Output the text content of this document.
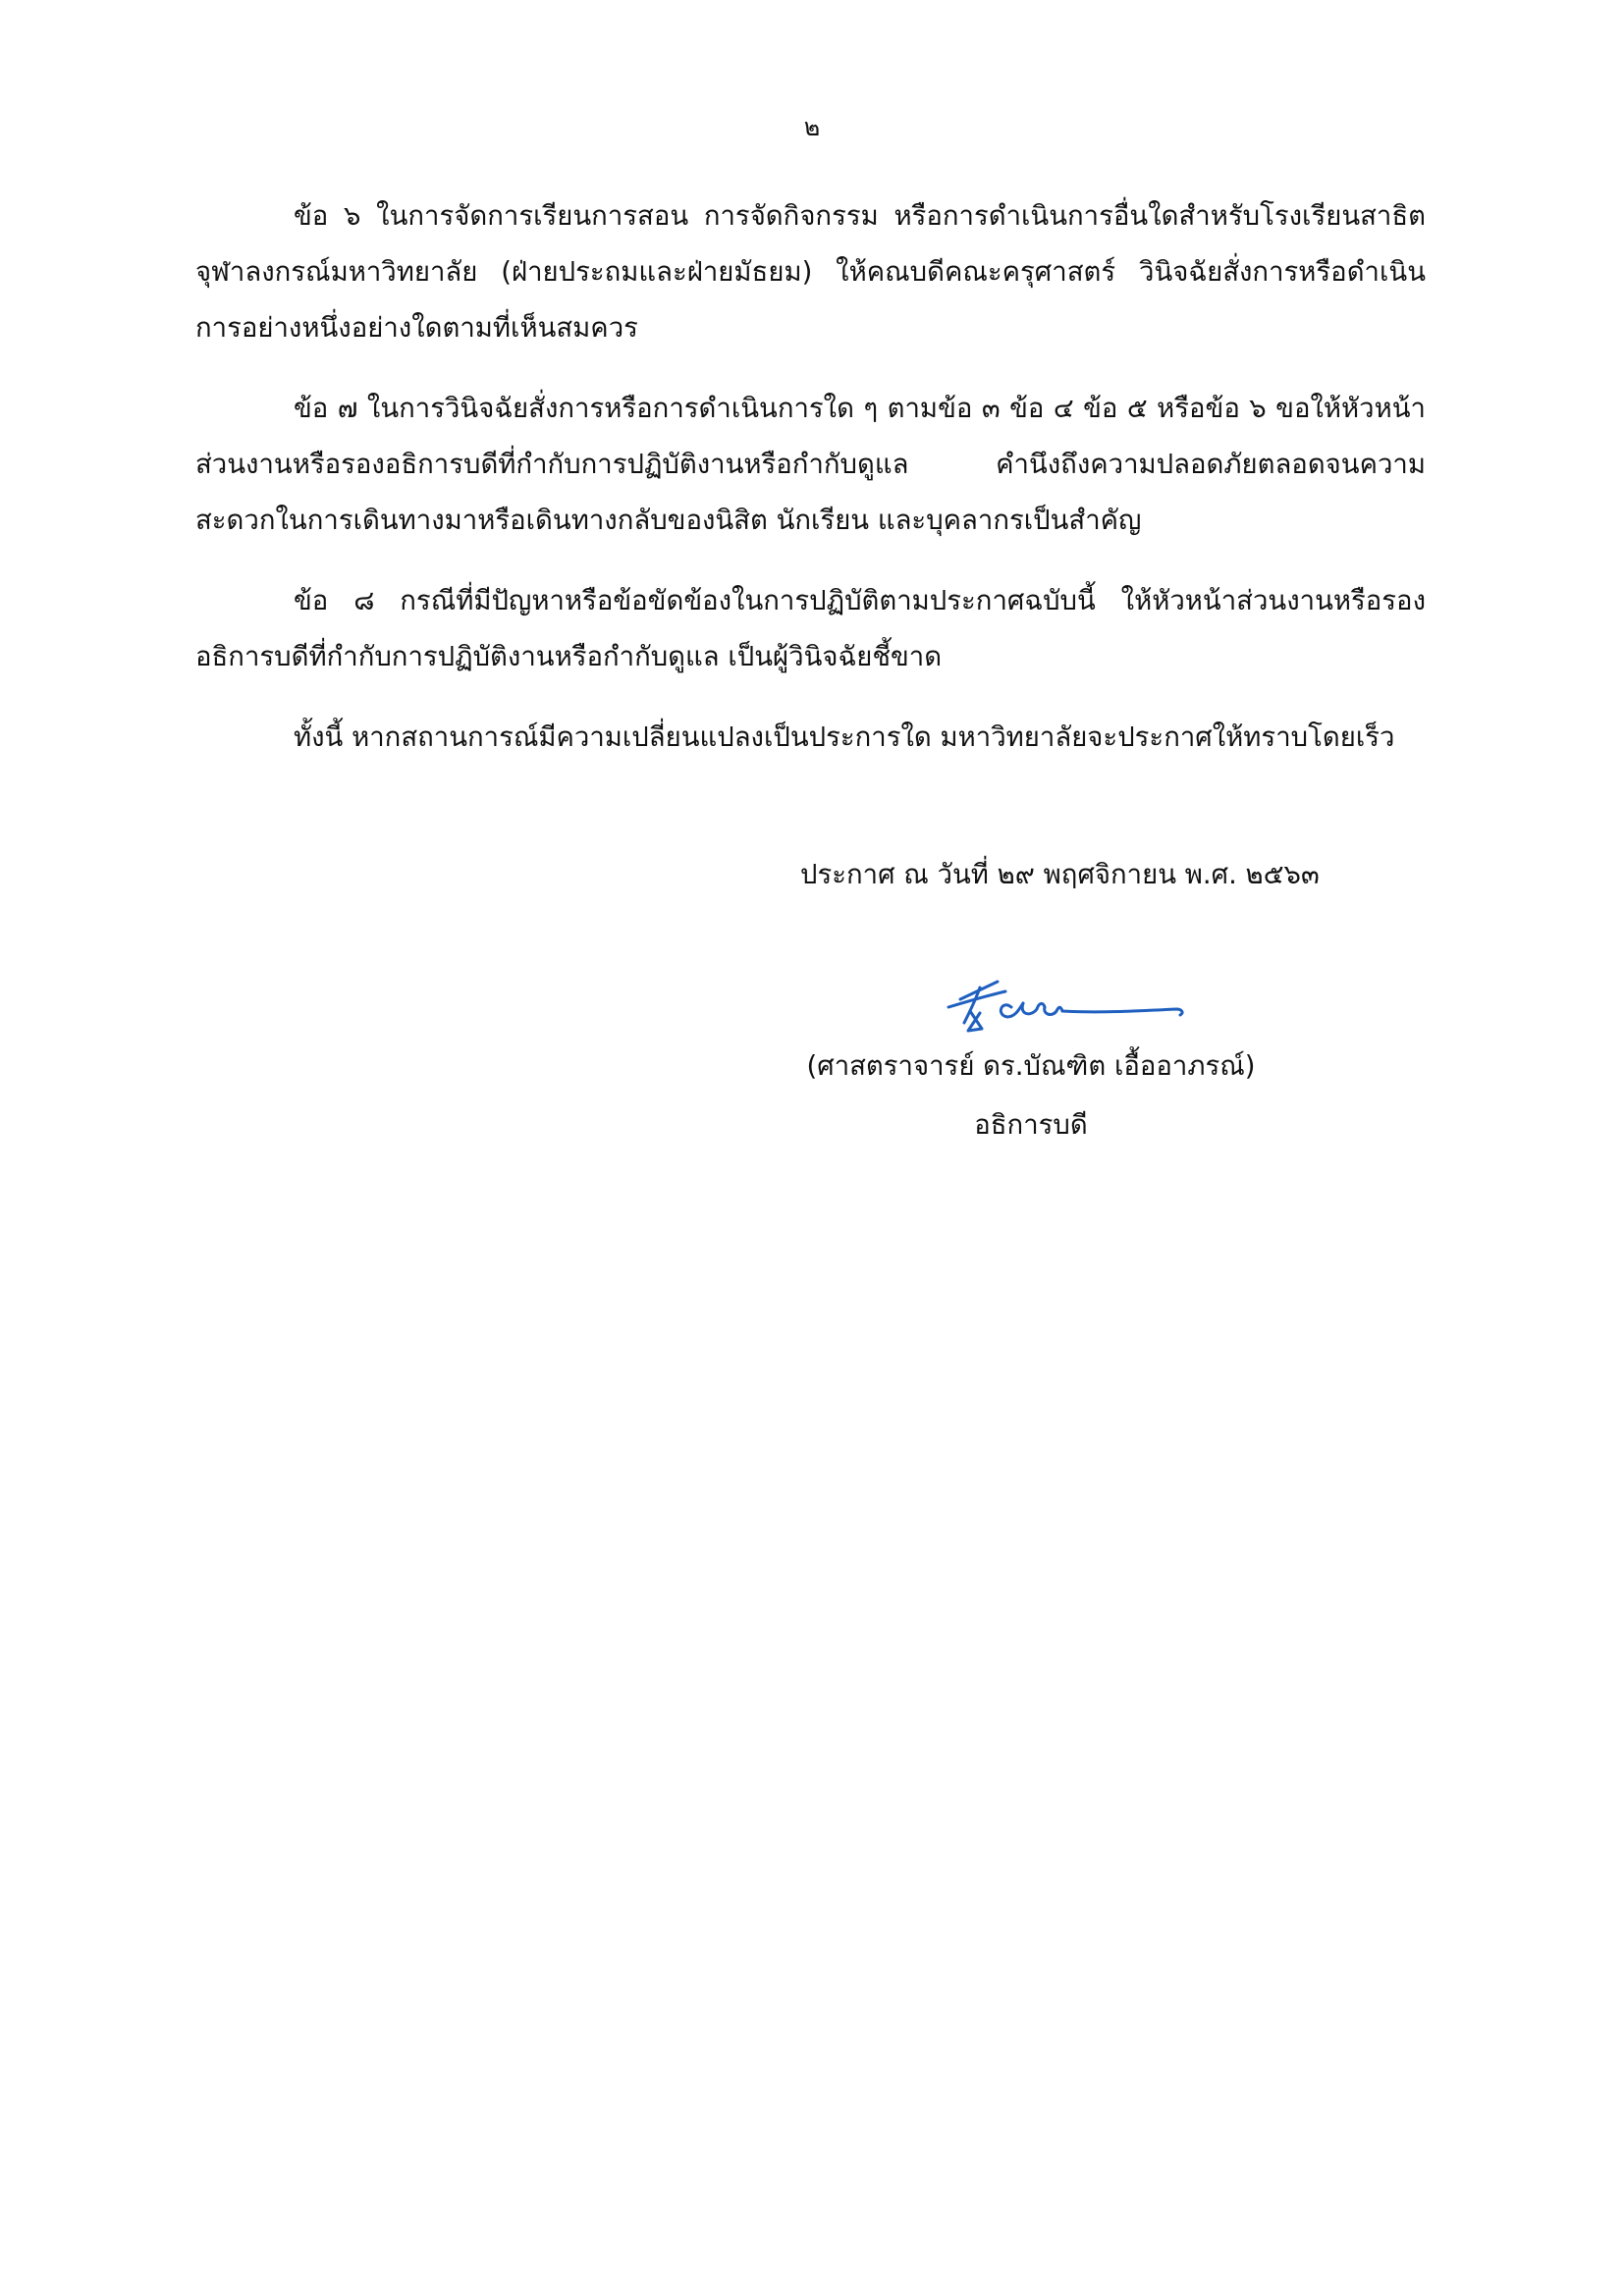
๒

ข้อ ๖ ในการจัดการเรียนการสอน การจัดกิจกรรม หรือการดำเนินการอื่นใดสำหรับโรงเรียนสาธิตจุฬาลงกรณ์มหาวิทยาลัย (ฝ่ายประถมและฝ่ายมัธยม) ให้คณบดีคณะครุศาสตร์ วินิจฉัยสั่งการหรือดำเนินการอย่างหนึ่งอย่างใดตามที่เห็นสมควร

ข้อ ๗ ในการวินิจฉัยสั่งการหรือการดำเนินการใด ๆ ตามข้อ ๓ ข้อ ๔ ข้อ ๕ หรือข้อ ๖ ขอให้หัวหน้าส่วนงานหรือรองอธิการบดีที่กำกับการปฏิบัติงานหรือกำกับดูแล คำนึงถึงความปลอดภัยตลอดจนความสะดวกในการเดินทางมาหรือเดินทางกลับของนิสิต นักเรียน และบุคลากรเป็นสำคัญ

ข้อ ๘ กรณีที่มีปัญหาหรือข้อขัดข้องในการปฏิบัติตามประกาศฉบับนี้ ให้หัวหน้าส่วนงานหรือรองอธิการบดีที่กำกับการปฏิบัติงานหรือกำกับดูแล เป็นผู้วินิจฉัยชี้ขาด

ทั้งนี้ หากสถานการณ์มีความเปลี่ยนแปลงเป็นประการใด มหาวิทยาลัยจะประกาศให้ทราบโดยเร็ว

ประกาศ ณ วันที่ ๒๙ พฤศจิกายน พ.ศ. ๒๕๖๓
(ศาสตราจารย์ ดร.บัณฑิต เอื้ออาภรณ์)
อธิการบดี
